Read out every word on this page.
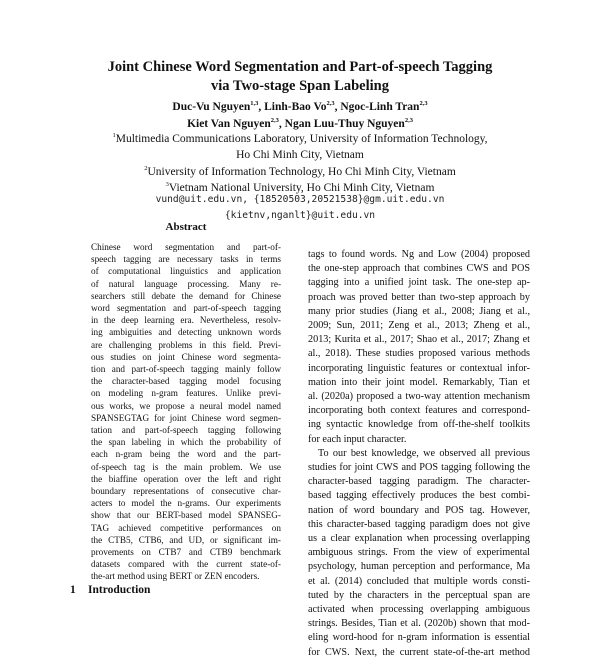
Joint Chinese Word Segmentation and Part-of-speech Tagging
via Two-stage Span Labeling
Duc-Vu Nguyen$^{1,3}$, Linh-Bao Vo$^{2,3}$, Ngoc-Linh Tran$^{2,3}$
Kiet Van Nguyen$^{2,3}$, Ngan Luu-Thuy Nguyen$^{2,3}$
$^1$Multimedia Communications Laboratory, University of Information Technology,
Ho Chi Minh City, Vietnam
$^2$University of Information Technology, Ho Chi Minh City, Vietnam
$^3$Vietnam National University, Ho Chi Minh City, Vietnam
vund@uit.edu.vn, {18520503,20521538}@gm.uit.edu.vn
{kietnv,nganlt}@uit.edu.vn
Abstract
Chinese word segmentation and part-of-
speech tagging are necessary tasks in terms
of computational linguistics and application
of natural language processing. Many re-
searchers still debate the demand for Chinese
word segmentation and part-of-speech tagging
in the deep learning era. Nevertheless, resolv-
ing ambiguities and detecting unknown words
are challenging problems in this field. Previ-
ous studies on joint Chinese word segmenta-
tion and part-of-speech tagging mainly follow
the character-based tagging model focusing
on modeling n-gram features. Unlike previ-
ous works, we propose a neural model named
SPANSEGTAG for joint Chinese word segmen-
tation and part-of-speech tagging following
the span labeling in which the probability of
each n-gram being the word and the part-
of-speech tag is the main problem. We use
the biaffine operation over the left and right
boundary representations of consecutive char-
acters to model the n-grams. Our experiments
show that our BERT-based model SPANSEG-
TAG achieved competitive performances on
the CTB5, CTB6, and UD, or significant im-
provements on CTB7 and CTB9 benchmark
datasets compared with the current state-of-
the-art method using BERT or ZEN encoders.
tags to found words. Ng and Low (2004) proposed
the one-step approach that combines CWS and POS
tagging into a unified joint task. The one-step ap-
proach was proved better than two-step approach by
many prior studies (Jiang et al., 2008; Jiang et al.,
2009; Sun, 2011; Zeng et al., 2013; Zheng et al.,
2013; Kurita et al., 2017; Shao et al., 2017; Zhang et
al., 2018). These studies proposed various methods
incorporating linguistic features or contextual infor-
mation into their joint model. Remarkably, Tian et
al. (2020a) proposed a two-way attention mechanism
incorporating both context features and correspond-
ing syntactic knowledge from off-the-shelf toolkits
for each input character.
To our best knowledge, we observed all previous
studies for joint CWS and POS tagging following the
character-based tagging paradigm. The character-
based tagging effectively produces the best combi-
nation of word boundary and POS tag. However,
this character-based tagging paradigm does not give
us a clear explanation when processing overlapping
ambiguous strings. From the view of experimental
psychology, human perception and performance, Ma
et al. (2014) concluded that multiple words consti-
tuted by the characters in the perceptual span are
activated when processing overlapping ambiguous
strings. Besides, Tian et al. (2020b) shown that mod-
eling word-hood for n-gram information is essential
for CWS. Next, the current state-of-the-art method
1 Introduction
